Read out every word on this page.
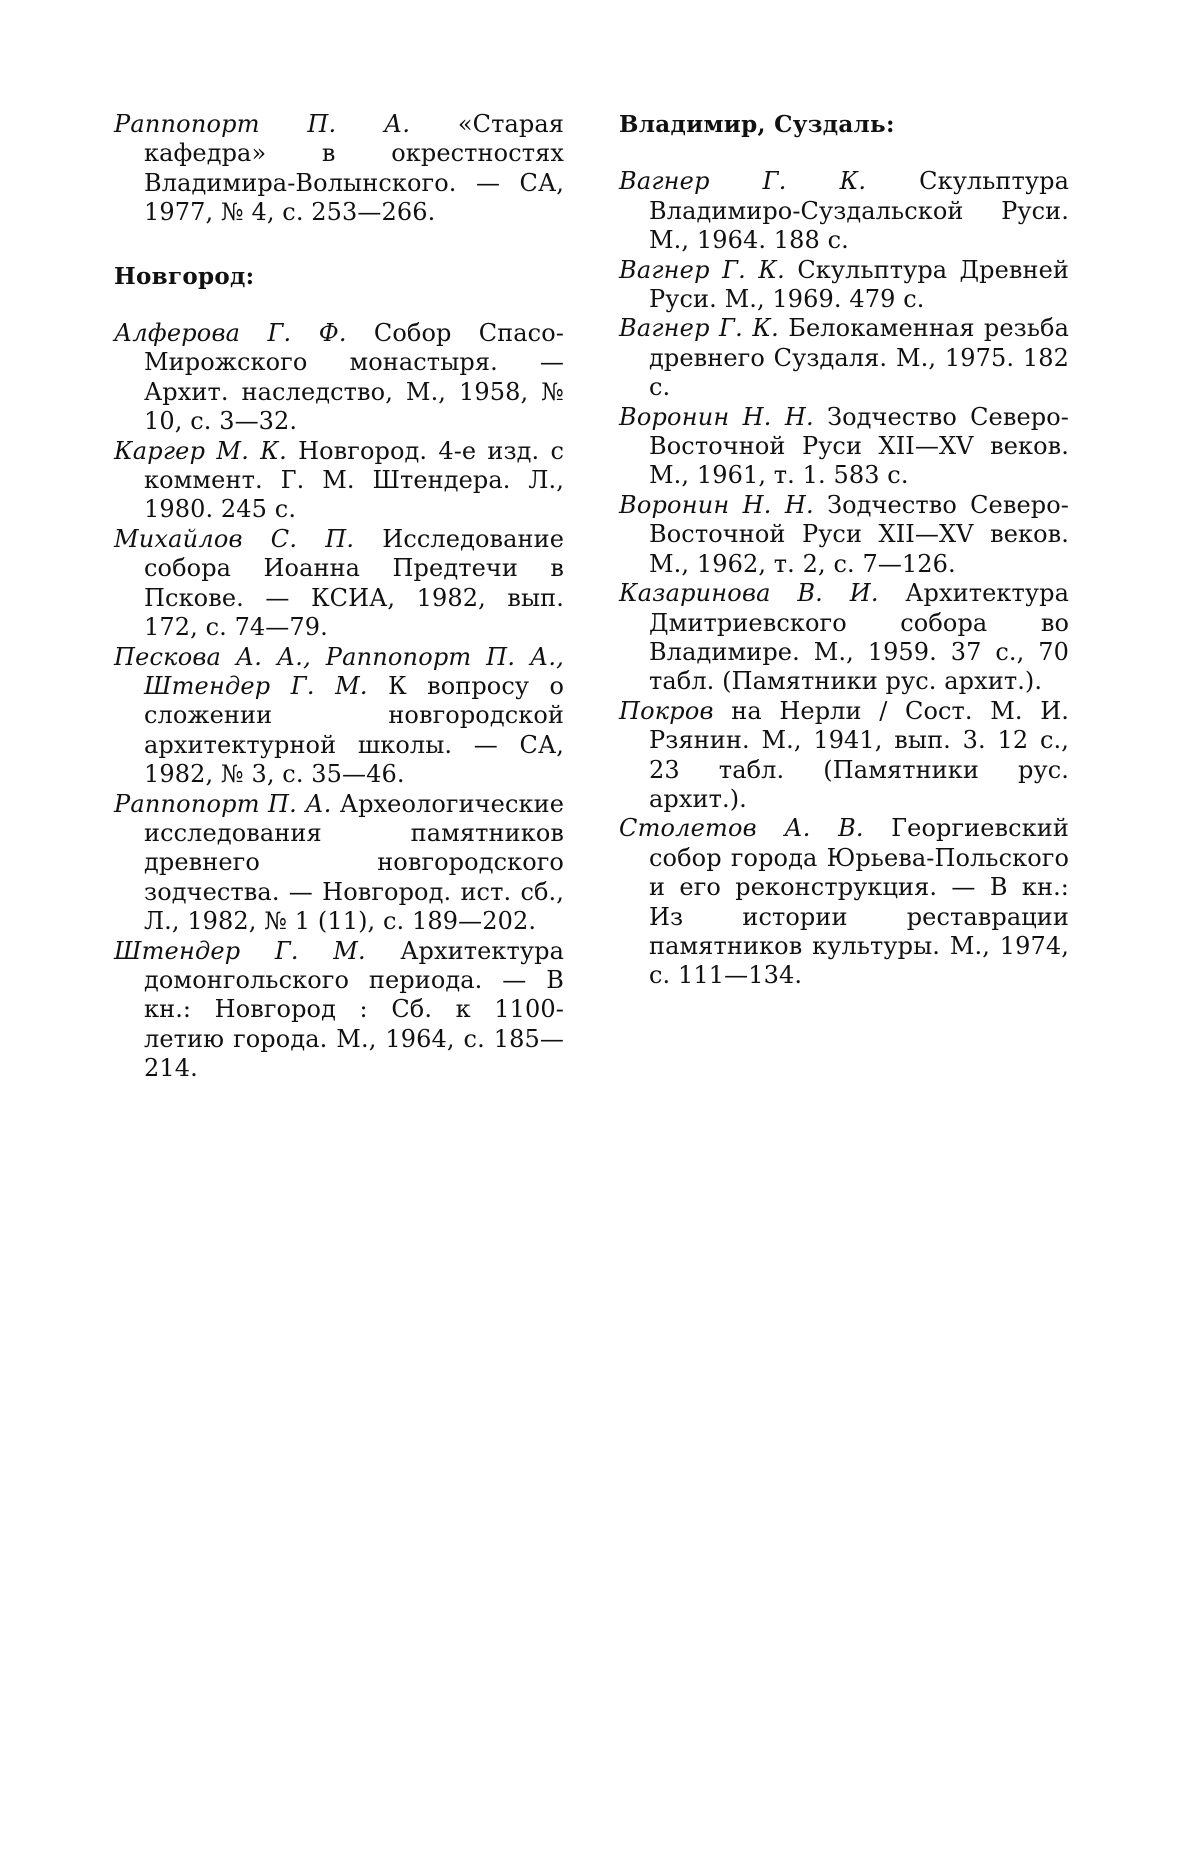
Раппопорт П. А. «Старая кафедра» в окрестностях Владимира-Волынского. — СА, 1977, № 4, с. 253—266.

Новгород:

Алферова Г. Ф. Собор Спасо-Мирожского монастыря. — Архит. наследство, М., 1958, № 10, с. 3—32.

Каргер М. К. Новгород. 4-е изд. с коммент. Г. М. Штендера. Л., 1980. 245 с.

Михайлов С. П. Исследование собора Иоанна Предтечи в Пскове. — КСИА, 1982, вып. 172, с. 74—79.

Пескова А. А., Раппопорт П. А., Штендер Г. М. К вопросу о сложении новгородской архитектурной школы. — СА, 1982, № 3, с. 35—46.

Раппопорт П. А. Археологические исследования памятников древнего новгородского зодчества. — Новгород. ист. сб., Л., 1982, № 1 (11), с. 189—202.

Штендер Г. М. Архитектура домонгольского периода. — В кн.: Новгород : Сб. к 1100-летию города. М., 1964, с. 185—214.

Владимир, Суздаль:

Вагнер Г. К. Скульптура Владимиро-Суздальской Руси. М., 1964. 188 с.

Вагнер Г. К. Скульптура Древней Руси. М., 1969. 479 с.

Вагнер Г. К. Белокаменная резьба древнего Суздаля. М., 1975. 182 с.

Воронин Н. Н. Зодчество Северо-Восточной Руси XII—XV веков. М., 1961, т. 1. 583 с.

Воронин Н. Н. Зодчество Северо-Восточной Руси XII—XV веков. М., 1962, т. 2, с. 7—126.

Казаринова В. И. Архитектура Дмитриевского собора во Владимире. М., 1959. 37 с., 70 табл. (Памятники рус. архит.).

Покров на Нерли / Сост. М. И. Рзянин. М., 1941, вып. 3. 12 с., 23 табл. (Памятники рус. архит.).

Столетов А. В. Георгиевский собор города Юрьева-Польского и его реконструкция. — В кн.: Из истории реставрации памятников культуры. М., 1974, с. 111—134.
